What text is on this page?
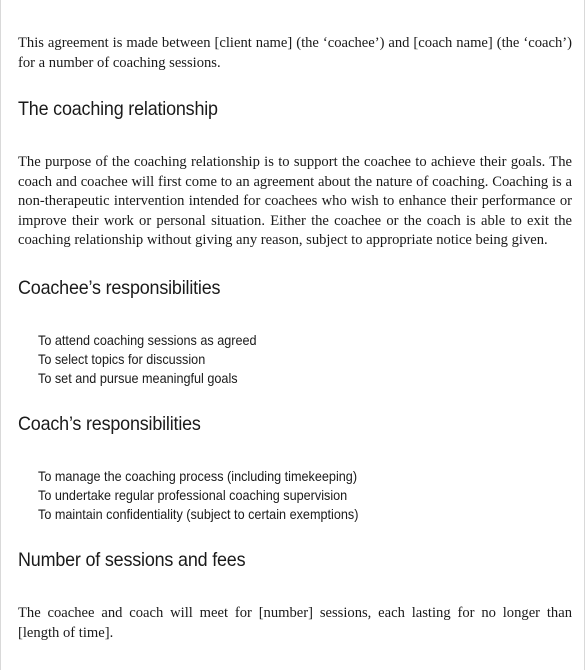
This agreement is made between [client name] (the ‘coachee’) and [coach name] (the ‘coach’) for a number of coaching sessions.

The coaching relationship

The purpose of the coaching relationship is to support the coachee to achieve their goals. The coach and coachee will first come to an agreement about the nature of coaching. Coaching is a non-therapeutic intervention intended for coachees who wish to enhance their performance or improve their work or personal situation. Either the coachee or the coach is able to exit the coaching relationship without giving any reason, subject to appropriate notice being given.

Coachee’s responsibilities
To attend coaching sessions as agreed
To select topics for discussion
To set and pursue meaningful goals
Coach’s responsibilities
To manage the coaching process (including timekeeping)
To undertake regular professional coaching supervision
To maintain confidentiality (subject to certain exemptions)
Number of sessions and fees

The coachee and coach will meet for [number] sessions, each lasting for no longer than [length of time].
